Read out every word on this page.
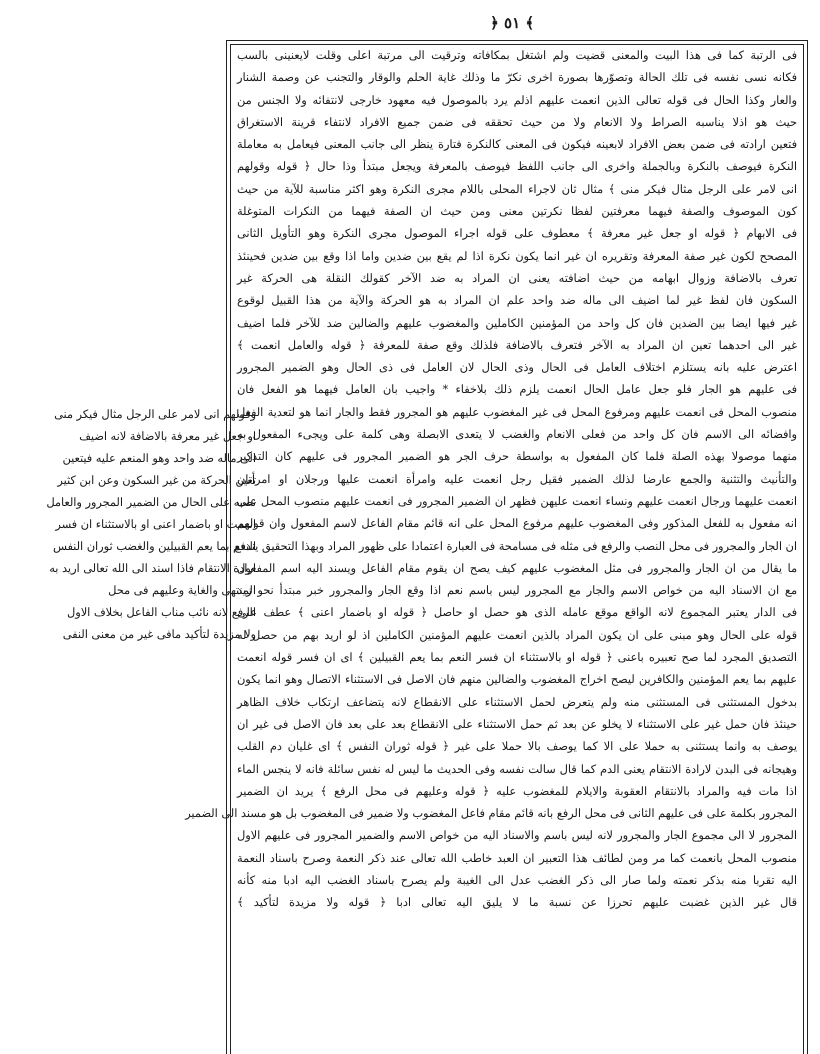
﴿ ٥١ ﴾
وقولهم انى لامر على الرجل مثال فيكر منى
او جعل غير معرفة بالاضافة لانه اضيف
الى ماله ضد واحد وهو المنعم عليه فيتعين
تعين الحركة من غير السكون وعن ابن كثير
نصبه على الحال من الضمير المجرور والعامل
انعمت او باضمار اعنى او بالاستثناء ان فسر
النعم بما يعم القبيلين والغضب ثوران النفس
ارادة الانتقام فاذا اسند الى الله تعالى اريد به
المنتهى والغاية وعليهم فى محل
الرفع لانه نائب مناب الفاعل بخلاف الاول
ولا مزيدة لتأكيد مافى غير من معنى النفى

فى الرتبة كما فى هذا البيت والمعنى قضيت ولم اشتغل بمكافاته وترقيت الى مرتبة اعلى وقلت لايعنينى بالسب

فكانه نسى نفسه فى تلك الحالة وتصوّرها بصورة اخرى نكرّ ما وذلك غاية الحلم والوقار والتجنب عن وصمة الشنار

والعار وكذا الحال فى قوله تعالى الذين انعمت عليهم اذلم يرد بالموصول فيه معهود خارجى لانتفائه ولا الجنس من

حيث هو اذلا يناسبه الصراط ولا الانعام ولا من حيث تحققه فى ضمن جميع الافراد لانتفاء قرينة الاستغراق

فتعين ارادته فى ضمن بعض الافراد لابعينه فيكون فى المعنى كالنكرة فتارة ينظر الى جانب المعنى فيعامل به معاملة

النكرة فيوصف بالنكرة وبالجملة واخرى الى جانب اللفظ فيوصف بالمعرفة ويجعل مبتدأ وذا حال ﴿ قوله وقولهم

انى لامر على الرجل مثال فيكر منى ﴾ مثال ثان لاجراء المحلى باللام مجرى النكرة وهو اكثر مناسبة للآية من حيث

كون الموصوف والصفة فيهما معرفتين لفظا نكرتين معنى ومن حيث ان الصفة فيهما من النكرات المتوغلة

فى الابهام ﴿ قوله او جعل غير معرفة ﴾ معطوف على قوله اجراء الموصول مجرى النكرة وهو التأويل الثانى

المصحح لكون غير صفة المعرفة وتقريره ان غير انما يكون نكرة اذا لم يقع بين ضدين واما اذا وقع بين ضدين فحينئذ

تعرف بالاضافة وزوال ابهامه من حيث اضافته يعنى ان المراد به ضد الآخر كقولك النقلة هى الحركة غير

السكون فان لفظ غير لما اضيف الى ماله ضد واحد علم ان المراد به هو الحركة والآية من هذا القبيل لوقوع

غير فيها ايضا بين الضدين فان كل واحد من المؤمنين الكاملين والمغضوب عليهم والضالين ضد للآخر فلما اضيف

غير الى احدهما تعين ان المراد به الآخر فتعرف بالاضافة فلذلك وقع صفة للمعرفة ﴿ قوله والعامل انعمت ﴾

اعترض عليه بانه يستلزم اختلاف العامل فى الحال وذى الحال لان العامل فى ذى الحال وهو الضمير المجرور

فى عليهم هو الجار فلو جعل عامل الحال انعمت يلزم ذلك بلاخفاء * واجيب بان العامل فيهما هو الفعل فان

منصوب المحل فى انعمت عليهم ومرفوع المحل فى غير المغضوب عليهم هو المجرور فقط والجار انما هو لتعدية الفعل

وافضائه الى الاسم فان كل واحد من فعلى الانعام والغضب لا يتعدى الابصلة وهى كلمة على ويجىء المفعول به

منهما موصولا بهذه الصلة فلما كان المفعول به بواسطة حرف الجر هو الضمير المجرور فى عليهم كان التذكير

والتأنيث والتثنية والجمع عارضا لذلك الضمير فقيل رجل انعمت عليه وامرأة انعمت عليها ورجلان او امرأتان

انعمت عليهما ورجال انعمت عليهم ونساء انعمت عليهن فظهر ان الضمير المجرور فى انعمت عليهم منصوب المحل على

انه مفعول به للفعل المذكور وفى المغضوب عليهم مرفوع المحل على انه قائم مقام الفاعل لاسم المفعول وان قولهم

ان الجار والمجرور فى محل النصب والرفع فى مثله فى مسامحة فى العبارة اعتمادا على ظهور المراد وبهذا التحقيق يندفع

ما يقال من ان الجار والمجرور فى مثل المغضوب عليهم كيف يصح ان يقوم مقام الفاعل ويسند اليه اسم المفعول

مع ان الاسناد اليه من خواص الاسم والجار مع المجرور ليس باسم نعم اذا وقع الجار والمجرور خبر مبتدأ نحو زيد

فى الدار يعتبر المجموع لانه الواقع موقع عامله الذى هو حصل او حاصل ﴿ قوله او باضمار اعنى ﴾ عطف على

قوله على الحال وهو مبنى على ان يكون المراد بالذين انعمت عليهم المؤمنين الكاملين اذ لو اريد بهم من حصل له

التصديق المجرد لما صح تعبيره باعنى ﴿ قوله او بالاستثناء ان فسر النعم بما يعم القبيلين ﴾ اى ان فسر قوله انعمت

عليهم بما يعم المؤمنين والكافرين ليصح اخراج المغضوب والضالين منهم فان الاصل فى الاستثناء الاتصال وهو انما يكون

بدخول المستثنى فى المستثنى منه ولم يتعرض لحمل الاستثناء على الانقطاع لانه يتضاعف ارتكاب خلاف الظاهر

حينئذ فان حمل غير على الاستثناء لا يخلو عن بعد ثم حمل الاستثناء على الانقطاع بعد على بعد فان الاصل فى غير ان

يوصف به وانما يستثنى به حملا على الا كما يوصف بالا حملا على غير ﴿ قوله ثوران النفس ﴾ اى غليان دم القلب

وهيجانه فى البدن لارادة الانتقام يعنى الدم كما قال سالت نفسه وفى الحديث ما ليس له نفس سائلة فانه لا ينجس الماء

اذا مات فيه والمراد بالانتقام العقوبة والايلام للمغضوب عليه ﴿ قوله وعليهم فى محل الرفع ﴾ يريد ان الضمير

المجرور بكلمة على فى عليهم الثانى فى محل الرفع بانه قائم مقام فاعل المغضوب ولا ضمير فى المغضوب بل هو مسند الى الضمير

المجرور لا الى مجموع الجار والمجرور لانه ليس باسم والاسناد اليه من خواص الاسم والضمير المجرور فى عليهم الاول

منصوب المحل بانعمت كما مر ومن لطائف هذا التعبير ان العبد خاطب الله تعالى عند ذكر النعمة وصرح باسناد النعمة

اليه تقربا منه بذكر نعمته ولما صار الى ذكر الغضب عدل الى الغيبة ولم يصرح باسناد الغضب اليه ادبا منه كأنه

قال غير الذين غضبت عليهم تحرزا عن نسبة ما لا يليق اليه تعالى ادبا ﴿ قوله ولا مزيدة لتأكيد ﴾
